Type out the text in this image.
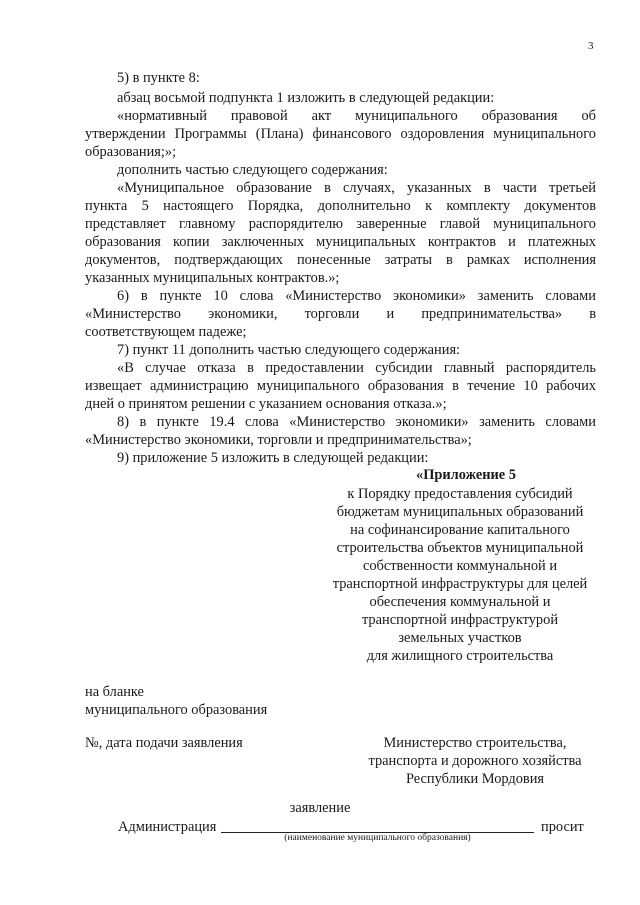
3
5) в пункте 8:
абзац восьмой подпункта 1 изложить в следующей редакции:
«нормативный правовой акт муниципального образования об
утверждении Программы (Плана) финансового оздоровления муниципального
образования;»;
дополнить частью следующего содержания:
«Муниципальное образование в случаях, указанных в части третьей
пункта 5 настоящего Порядка, дополнительно к комплекту документов
представляет главному распорядителю заверенные главой муниципального
образования копии заключенных муниципальных контрактов и платежных
документов, подтверждающих понесенные затраты в рамках исполнения
указанных муниципальных контрактов.»;
6) в пункте 10 слова «Министерство экономики» заменить словами
«Министерство экономики, торговли и предпринимательства» в
соответствующем падеже;
7) пункт 11 дополнить частью следующего содержания:
«В случае отказа в предоставлении субсидии главный распорядитель
извещает администрацию муниципального образования в течение 10 рабочих
дней о принятом решении с указанием основания отказа.»;
8) в пункте 19.4 слова «Министерство экономики» заменить словами
«Министерство экономики, торговли и предпринимательства»;
9) приложение 5 изложить в следующей редакции:
«Приложение 5
к Порядку предоставления субсидий
бюджетам муниципальных образований
на софинансирование капитального
строительства объектов муниципальной
собственности коммунальной и
транспортной инфраструктуры для целей
обеспечения коммунальной и
транспортной инфраструктурой
земельных участков
для жилищного строительства
на бланке
муниципального образования
№, дата подачи заявления	Министерство строительства,
транспорта и дорожного хозяйства
Республики Мордовия
заявление
Администрация	просит
(наименование муниципального образования)
